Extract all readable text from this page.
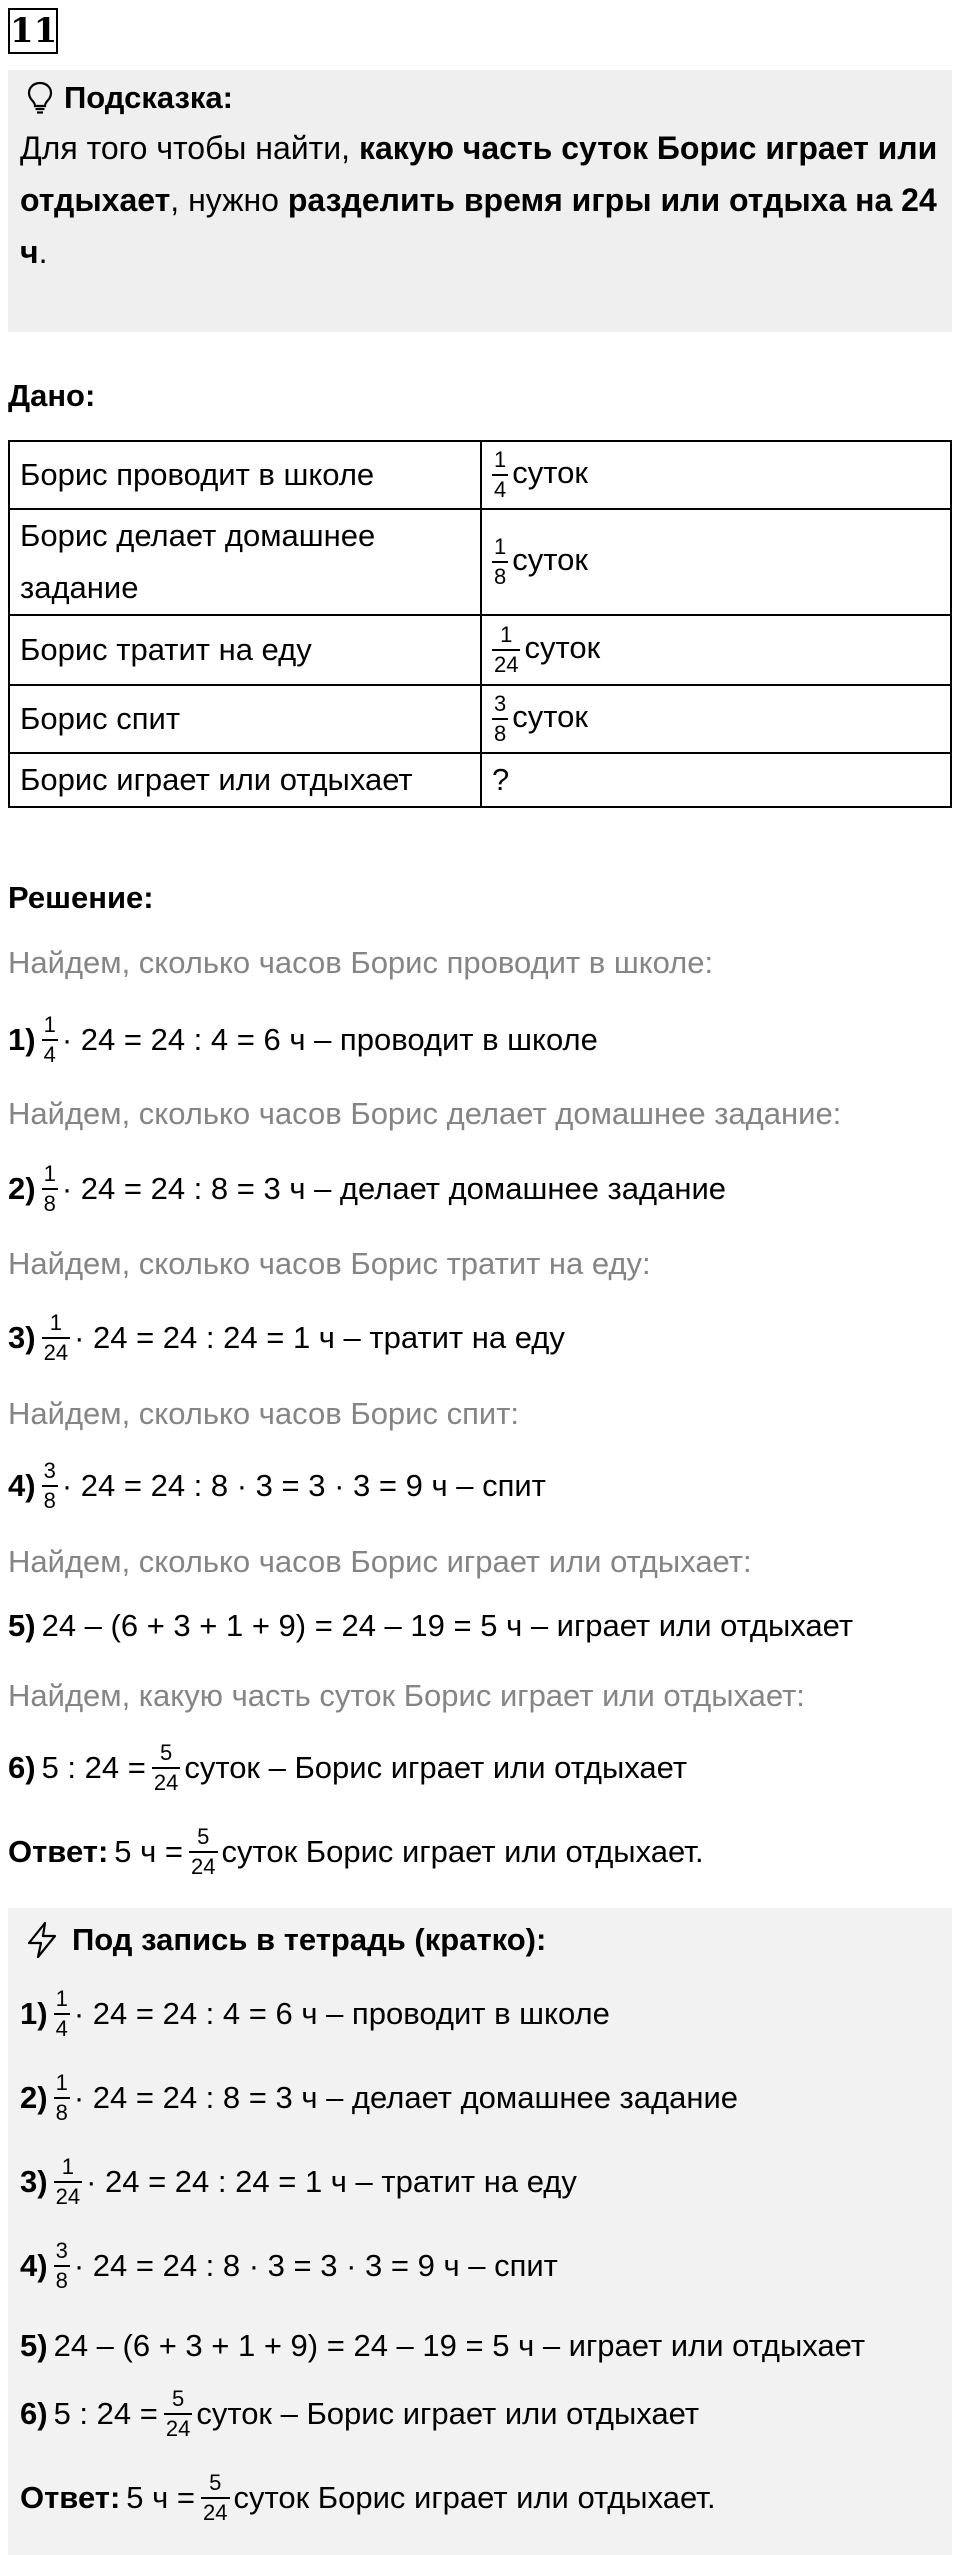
11
Подсказка:
Для того чтобы найти, какую часть суток Борис играет или отдыхает, нужно разделить время игры или отдыха на 24 ч.
Дано:
Борис проводит в школе	$\frac{1}{4}$ суток
Борис делает домашнее задание	$\frac{1}{8}$ суток
Борис тратит на еду	$\frac{1}{24}$ суток
Борис спит	$\frac{3}{8}$ суток
Борис играет или отдыхает	?
Решение:
Найдем, сколько часов Борис проводит в школе:
$1) \frac{1}{4} \cdot 24 = 24$ : 4 = 6 ч – проводит в школе
Найдем, сколько часов Борис делает домашнее задание:
$2) \frac{1}{8} \cdot 24 = 24$ : 8 = 3 ч – делает домашнее задание
Найдем, сколько часов Борис тратит на еду:
$3) \frac{1}{24} \cdot 24 = 24$ : 24 = 1 ч – тратит на еду
Найдем, сколько часов Борис спит:
$4) \frac{3}{8} \cdot 24 = 24$ : 8 · 3 = 3 · 3 = 9 ч – спит
Найдем, сколько часов Борис играет или отдыхает:
5) 24 – (6 + 3 + 1 + 9) = 24 – 19 = 5 ч – играет или отдыхает
Найдем, какую часть суток Борис играет или отдыхает:
6) 5 : $24 = \frac{5}{24}$ суток – Борис играет или отдыхает
Ответ: 5 $ч = \frac{5}{24}$ суток Борис играет или отдыхает.
Под запись в тетрадь (кратко):
$1) \frac{1}{4} \cdot 24 = 24$ : 4 = 6 ч – проводит в школе
$2) \frac{1}{8} \cdot 24 = 24$ : 8 = 3 ч – делает домашнее задание
$3) \frac{1}{24} \cdot 24 = 24$ : 24 = 1 ч – тратит на еду
$4) \frac{3}{8} \cdot 24 = 24$ : 8 · 3 = 3 · 3 = 9 ч – спит
5) 24 – (6 + 3 + 1 + 9) = 24 – 19 = 5 ч – играет или отдыхает
6) 5 : $24 = \frac{5}{24}$ суток – Борис играет или отдыхает
Ответ: 5 $ч = \frac{5}{24}$ суток Борис играет или отдыхает.
